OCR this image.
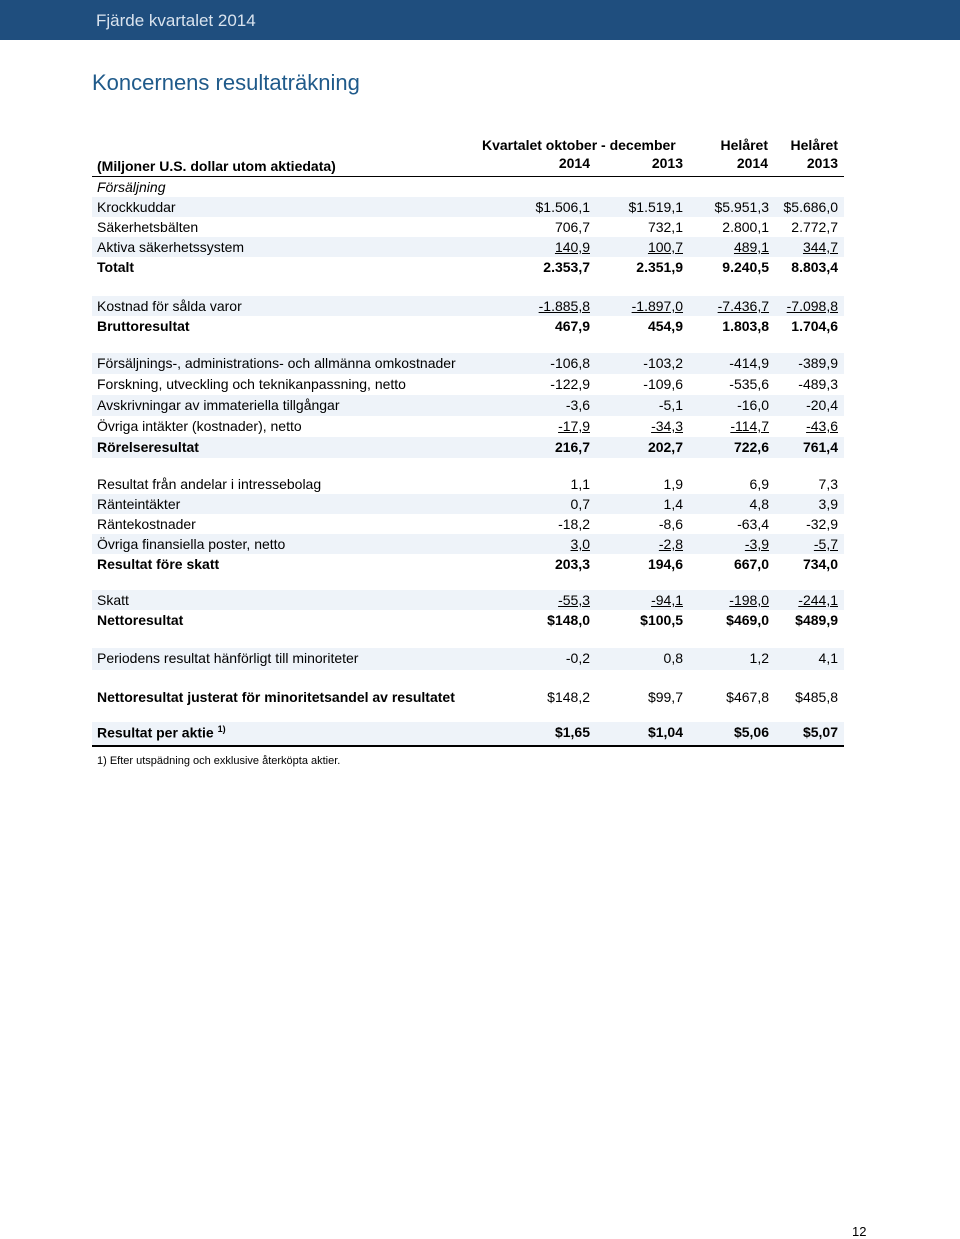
Fjärde kvartalet 2014
Koncernens resultaträkning
Kvartalet oktober - december	Helåret Helåret
(Miljoner U.S. dollar utom aktiedata)	2014	2013	2014	2013
Försäljning
Krockkuddar	$1.506,1	$1.519,1 $5.951,3 $5.686,0
Säkerhetsbälten	706,7	732,1	2.800,1 2.772,7
Aktiva säkerhetssystem	140,9	100,7	489,1 344,7
Totalt	2.353,7	2.351,9	9.240,5 8.803,4
Kostnad för sålda varor	-1.885,8	-1.897,0 -7.436,7 -7.098,8
Bruttoresultat	467,9	454,9	1.803,8 1.704,6
Försäljnings-, administrations- och allmänna omkostnader	-106,8	-103,2	-414,9 -389,9
Forskning, utveckling och teknikanpassning, netto	-122,9	-109,6	-535,6 -489,3
Avskrivningar av immateriella tillgångar	-3,6	-5,1	-16,0	-20,4
Övriga intäkter (kostnader), netto	-17,9	-34,3	-114,7	-43,6
Rörelseresultat	216,7	202,7	722,6 761,4
Resultat från andelar i intressebolag	1,1	1,9	6,9	7,3
Ränteintäkter	0,7	1,4	4,8	3,9
Räntekostnader	-18,2	-8,6	-63,4	-32,9
Övriga finansiella poster, netto	3,0	-2,8	-3,9	-5,7
Resultat före skatt	203,3	194,6	667,0 734,0
Skatt	-55,3	-94,1	-198,0 -244,1
Nettoresultat	$148,0	$100,5	$469,0 $489,9
Periodens resultat hänförligt till minoriteter	-0,2	0,8	1,2	4,1
Nettoresultat justerat för minoritetsandel av resultatet	$148,2	$99,7	$467,8 $485,8
Resultat per aktie $^{1)}$	$1,65	$1,04	$5,06 $5,07
1) Efter utspädning och exklusive återköpta aktier.
12
